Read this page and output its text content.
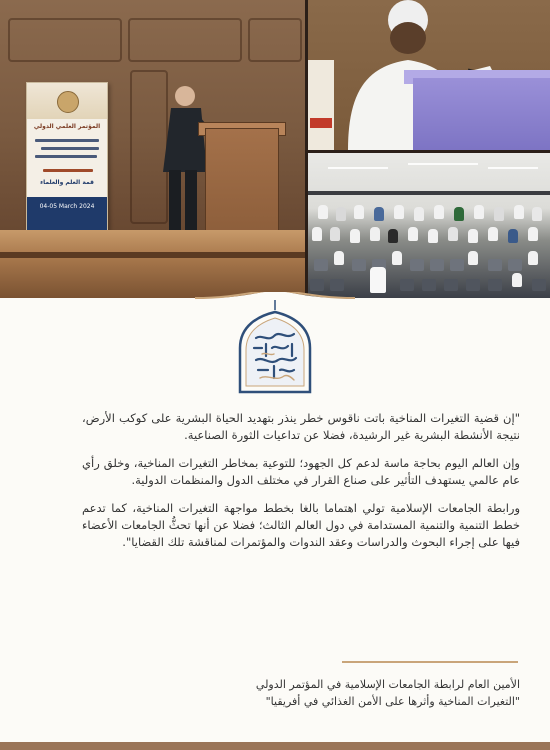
المؤتمر العلمي الدولي
قمة العلم والعلماء
04-05 March 2024

"إن قضية التغيرات المناخية باتت ناقوس خطر ينذر بتهديد الحياة البشرية على كوكب الأرض، نتيجة الأنشطة البشرية غير الرشيدة، فضلا عن تداعيات الثورة الصناعية.

وإن العالم اليوم بحاجة ماسة لدعم كل الجهود؛ للتوعية بمخاطر التغيرات المناخية، وخلق رأي عام عالمي يستهدف التأثير على صناع القرار في مختلف الدول والمنظمات الدولية.

ورابطة الجامعات الإسلامية تولي اهتماما بالغا بخطط مواجهة التغيرات المناخية، كما تدعم خطط التنمية والتنمية المستدامة في دول العالم الثالث؛ فضلا عن أنها تحثُّ الجامعات الأعضاء فيها على إجراء البحوث والدراسات وعقد الندوات والمؤتمرات لمناقشة تلك القضايا".

الأمين العام لرابطة الجامعات الإسلامية في المؤتمر الدولي

"التغيرات المناخية وأثرها على الأمن الغذائي في أفريقيا"
